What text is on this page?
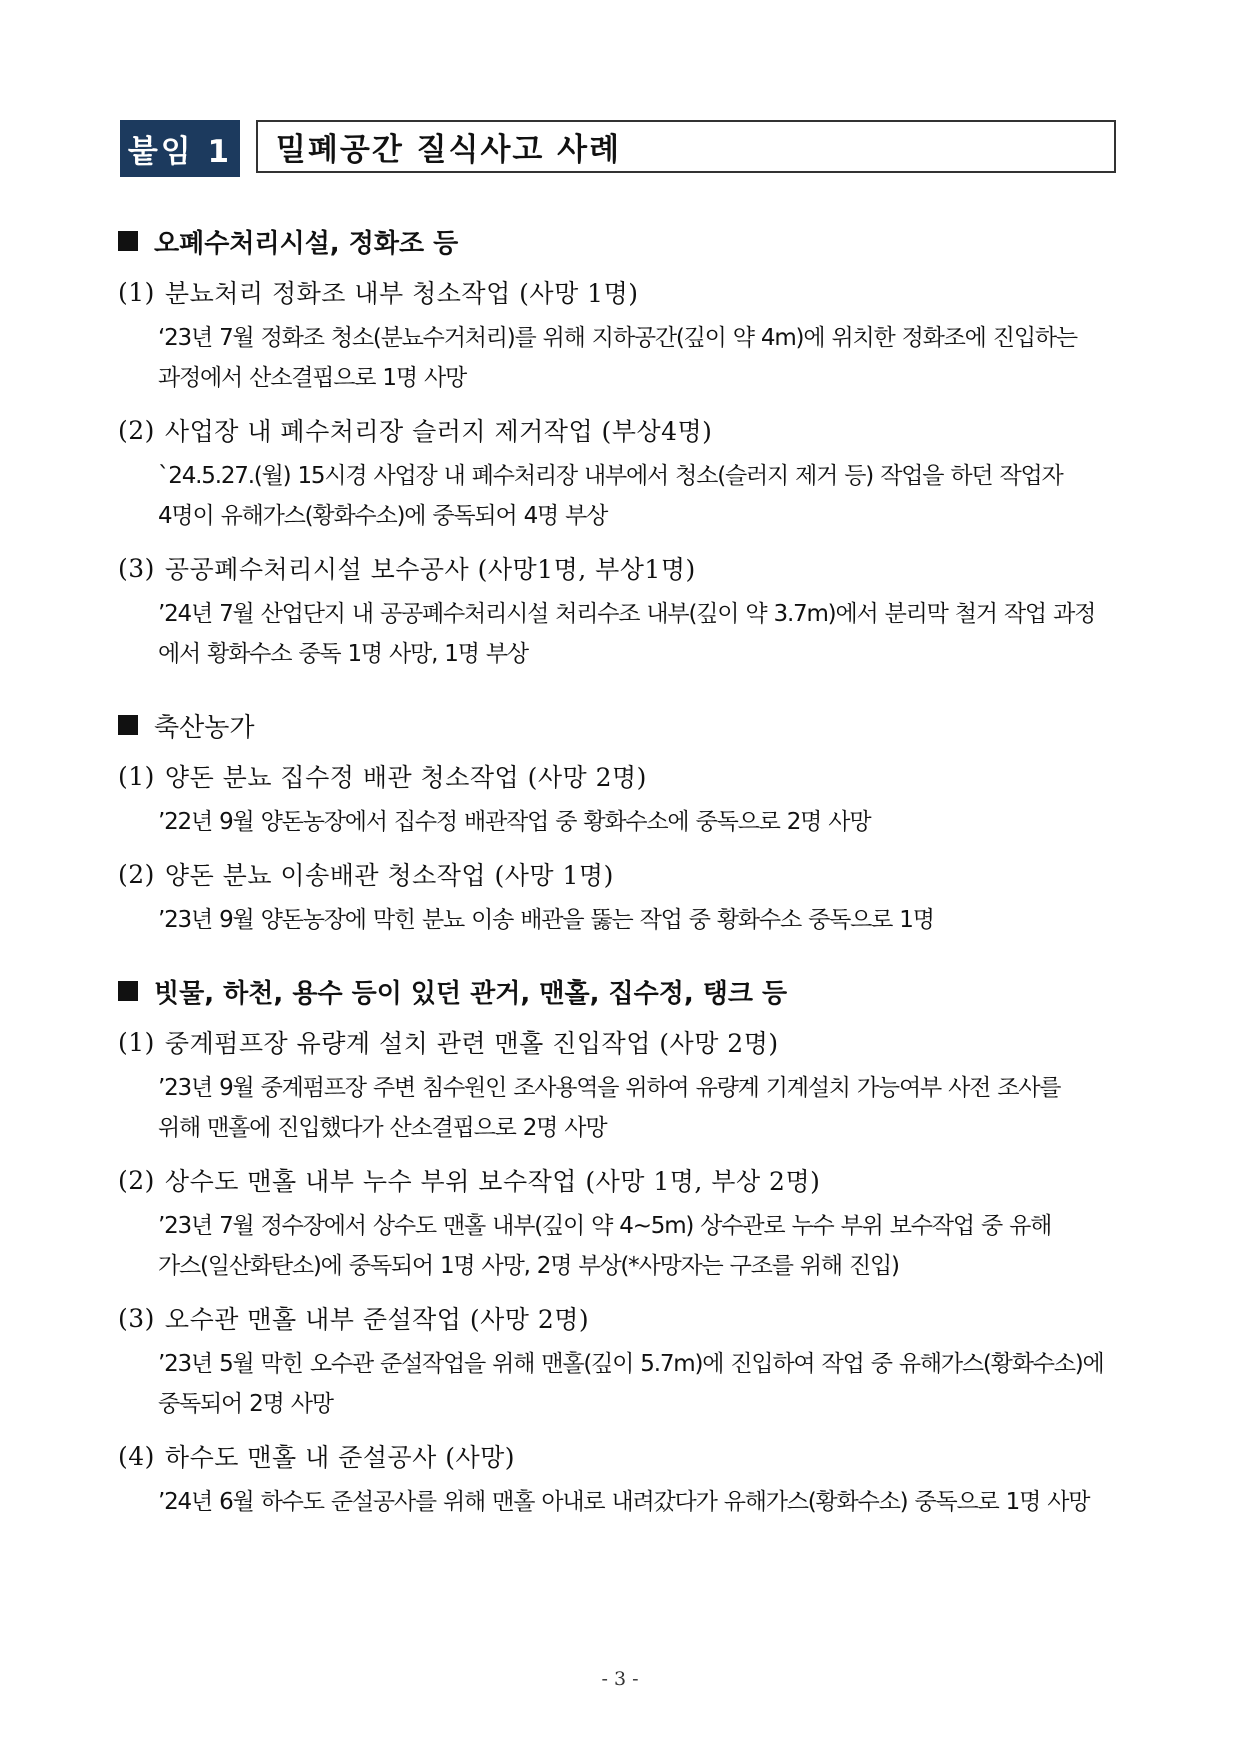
붙임 1	밀폐공간 질식사고 사례
오폐수처리시설, 정화조 등
(1) 분뇨처리 정화조 내부 청소작업 (사망 1명)
‘23년 7월 정화조 청소(분뇨수거처리)를 위해 지하공간(깊이 약 4m)에 위치한 정화조에 진입하는
과정에서 산소결핍으로 1명 사망
(2) 사업장 내 폐수처리장 슬러지 제거작업 (부상4명)
`24.5.27.(월) 15시경 사업장 내 폐수처리장 내부에서 청소(슬러지 제거 등) 작업을 하던 작업자
4명이 유해가스(황화수소)에 중독되어 4명 부상
(3) 공공폐수처리시설 보수공사 (사망1명, 부상1명)
’24년 7월 산업단지 내 공공폐수처리시설 처리수조 내부(깊이 약 3.7m)에서 분리막 철거 작업 과정
에서 황화수소 중독 1명 사망, 1명 부상
축산농가
(1) 양돈 분뇨 집수정 배관 청소작업 (사망 2명)
’22년 9월 양돈농장에서 집수정 배관작업 중 황화수소에 중독으로 2명 사망
(2) 양돈 분뇨 이송배관 청소작업 (사망 1명)
’23년 9월 양돈농장에 막힌 분뇨 이송 배관을 뚫는 작업 중 황화수소 중독으로 1명
빗물, 하천, 용수 등이 있던 관거, 맨홀, 집수정, 탱크 등
(1) 중계펌프장 유량계 설치 관련 맨홀 진입작업 (사망 2명)
’23년 9월 중계펌프장 주변 침수원인 조사용역을 위하여 유량계 기계설치 가능여부 사전 조사를
위해 맨홀에 진입했다가 산소결핍으로 2명 사망
(2) 상수도 맨홀 내부 누수 부위 보수작업 (사망 1명, 부상 2명)
’23년 7월 정수장에서 상수도 맨홀 내부(깊이 약 4~5m) 상수관로 누수 부위 보수작업 중 유해
가스(일산화탄소)에 중독되어 1명 사망, 2명 부상(*사망자는 구조를 위해 진입)
(3) 오수관 맨홀 내부 준설작업 (사망 2명)
’23년 5월 막힌 오수관 준설작업을 위해 맨홀(깊이 5.7m)에 진입하여 작업 중 유해가스(황화수소)에
중독되어 2명 사망
(4) 하수도 맨홀 내 준설공사 (사망)
’24년 6월 하수도 준설공사를 위해 맨홀 아내로 내려갔다가 유해가스(황화수소) 중독으로 1명 사망
- 3 -
